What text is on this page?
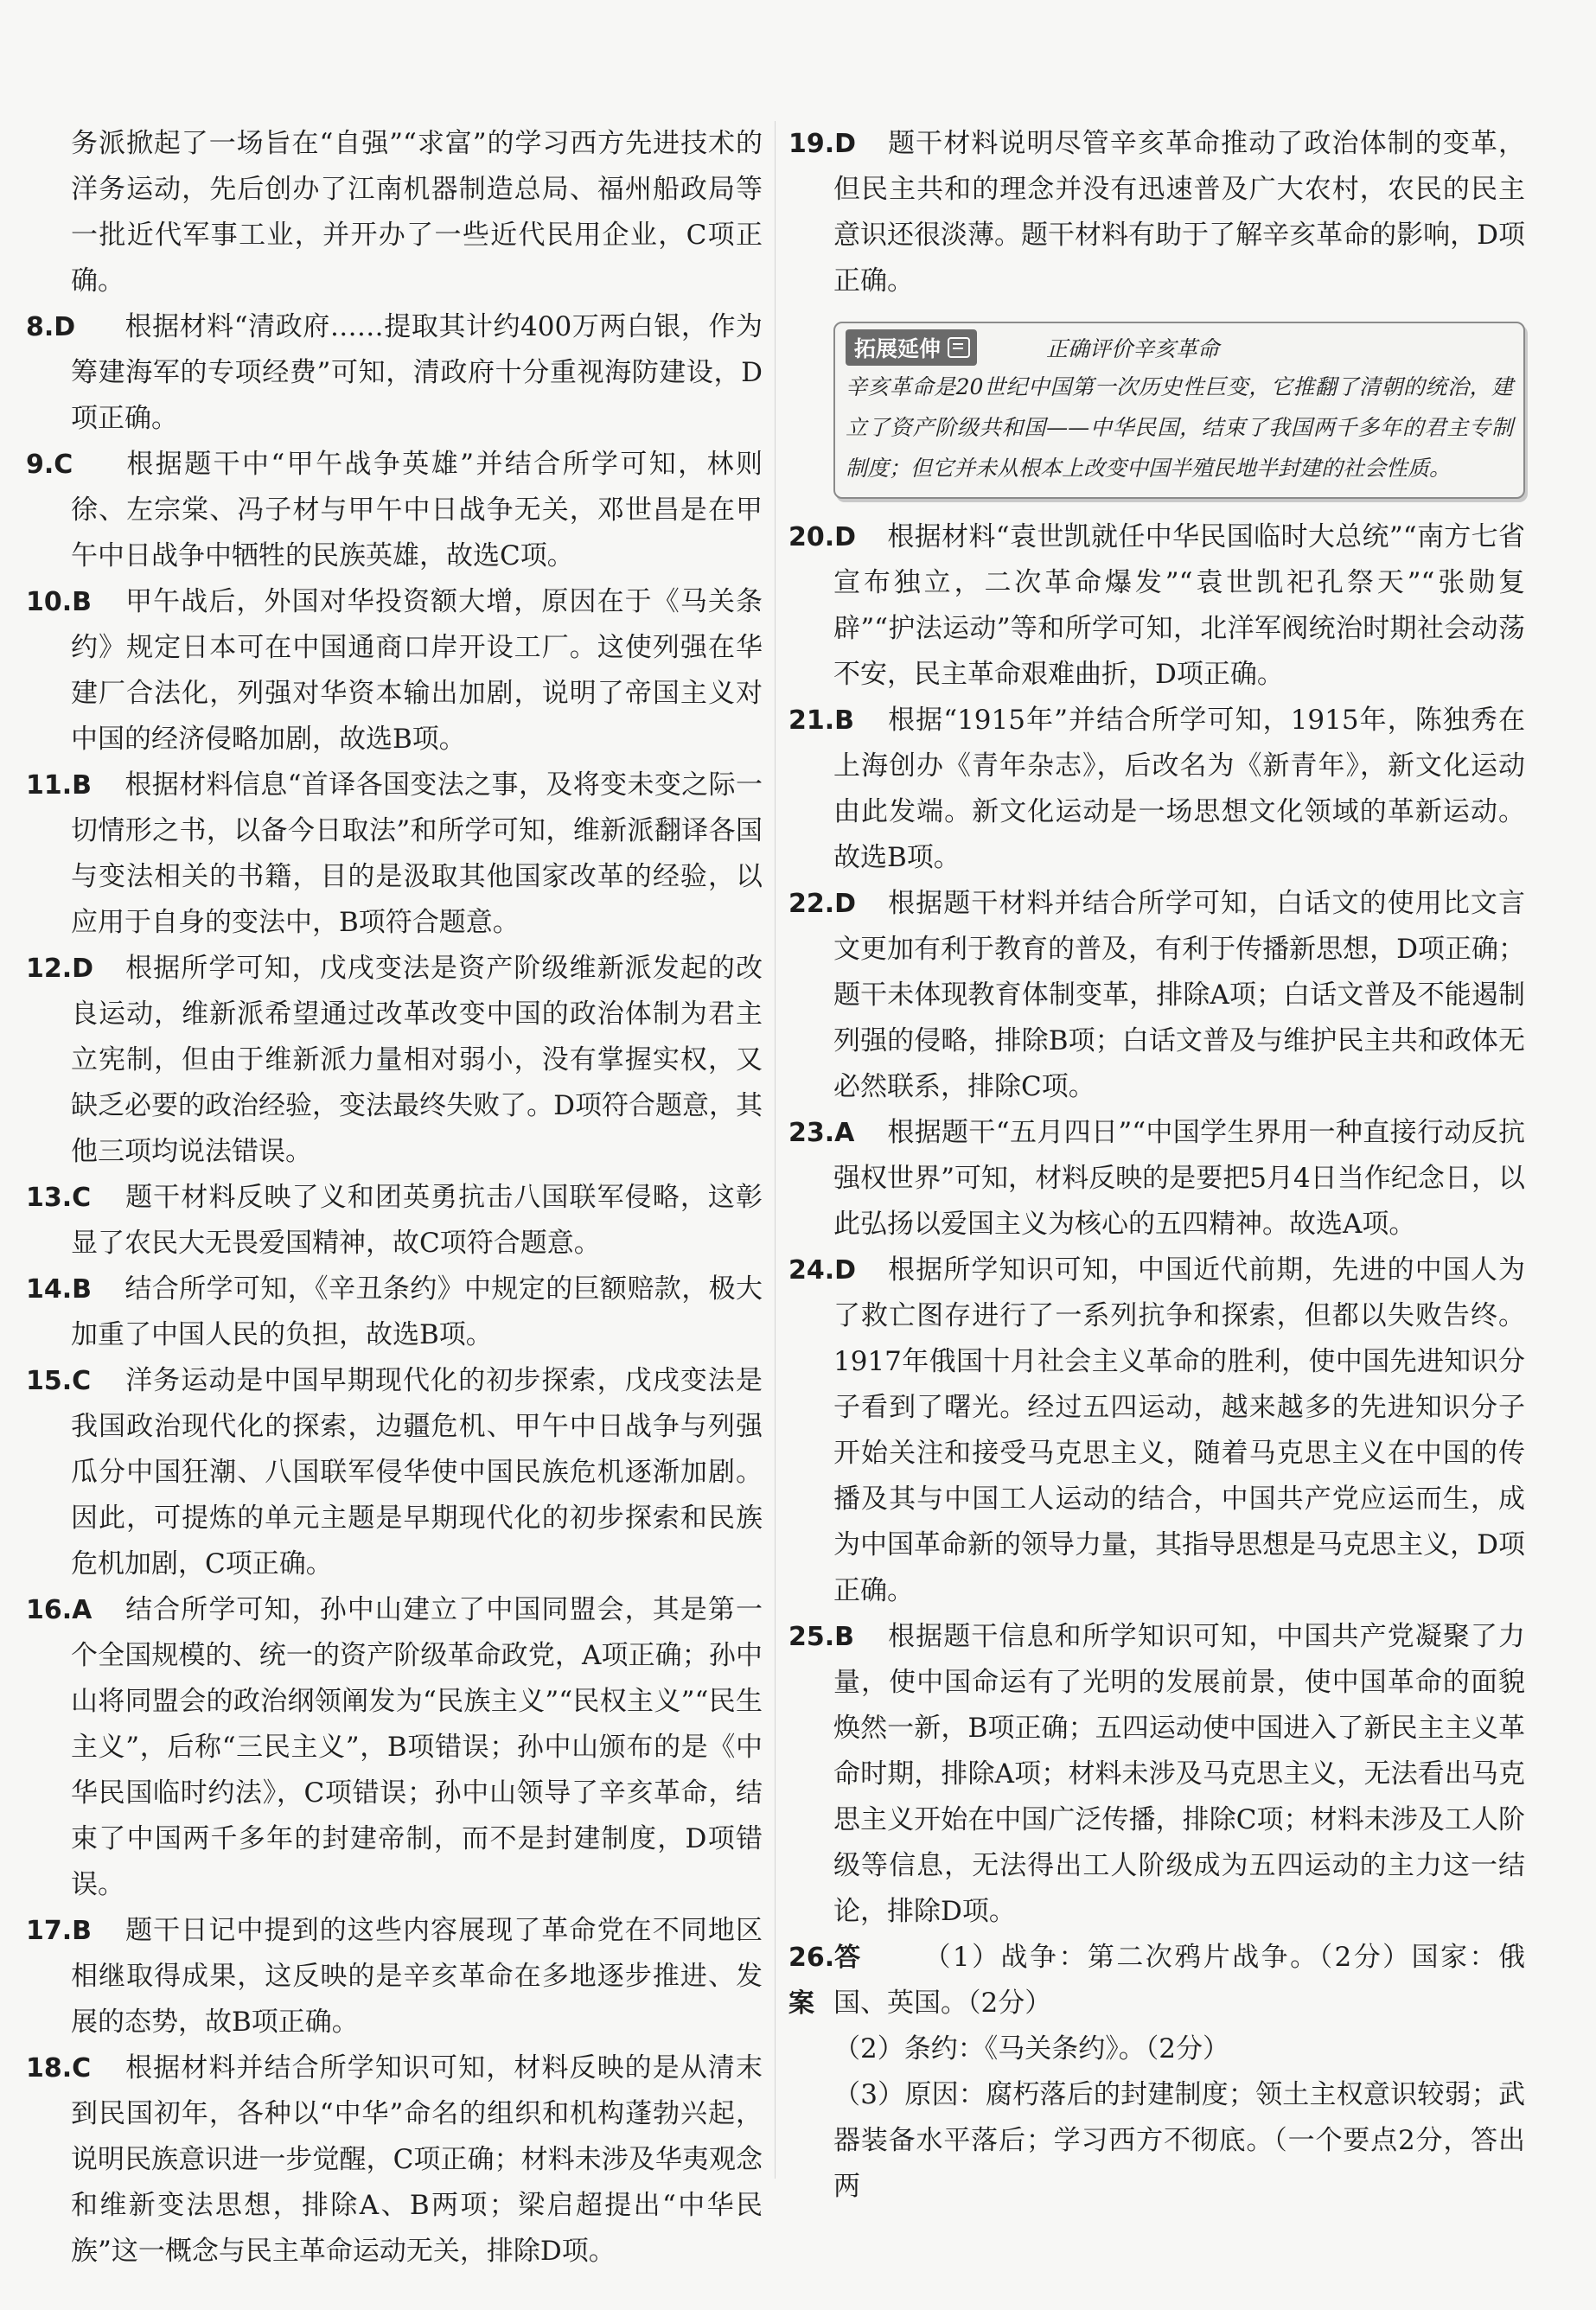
务派掀起了一场旨在“自强”“求富”的学习西方先进技术的洋务运动，先后创办了江南机器制造总局、福州船政局等一批近代军事工业，并开办了一些近代民用企业，C项正确。
8.D	根据材料“清政府……提取其计约400万两白银，作为筹建海军的专项经费”可知，清政府十分重视海防建设，D项正确。
9.C	根据题干中“甲午战争英雄”并结合所学可知，林则徐、左宗棠、冯子材与甲午中日战争无关，邓世昌是在甲午中日战争中牺牲的民族英雄，故选C项。
10.B	甲午战后，外国对华投资额大增，原因在于《马关条约》规定日本可在中国通商口岸开设工厂。这使列强在华建厂合法化，列强对华资本输出加剧，说明了帝国主义对中国的经济侵略加剧，故选B项。
11.B	根据材料信息“首译各国变法之事，及将变未变之际一切情形之书，以备今日取法”和所学可知，维新派翻译各国与变法相关的书籍，目的是汲取其他国家改革的经验，以应用于自身的变法中，B项符合题意。
12.D	根据所学可知，戊戌变法是资产阶级维新派发起的改良运动，维新派希望通过改革改变中国的政治体制为君主立宪制，但由于维新派力量相对弱小，没有掌握实权，又缺乏必要的政治经验，变法最终失败了。D项符合题意，其他三项均说法错误。
13.C	题干材料反映了义和团英勇抗击八国联军侵略，这彰显了农民大无畏爱国精神，故C项符合题意。
14.B	结合所学可知，《辛丑条约》中规定的巨额赔款，极大加重了中国人民的负担，故选B项。
15.C	洋务运动是中国早期现代化的初步探索，戊戌变法是我国政治现代化的探索，边疆危机、甲午中日战争与列强瓜分中国狂潮、八国联军侵华使中国民族危机逐渐加剧。因此，可提炼的单元主题是早期现代化的初步探索和民族危机加剧，C项正确。
16.A	结合所学可知，孙中山建立了中国同盟会，其是第一个全国规模的、统一的资产阶级革命政党，A项正确；孙中山将同盟会的政治纲领阐发为“民族主义”“民权主义”“民生主义”，后称“三民主义”，B项错误；孙中山颁布的是《中华民国临时约法》，C项错误；孙中山领导了辛亥革命，结束了中国两千多年的封建帝制，而不是封建制度，D项错误。
17.B	题干日记中提到的这些内容展现了革命党在不同地区相继取得成果，这反映的是辛亥革命在多地逐步推进、发展的态势，故B项正确。
18.C	根据材料并结合所学知识可知，材料反映的是从清末到民国初年，各种以“中华”命名的组织和机构蓬勃兴起，说明民族意识进一步觉醒，C项正确；材料未涉及华夷观念和维新变法思想，排除A、B两项；梁启超提出“中华民族”这一概念与民主革命运动无关，排除D项。
19.D	题干材料说明尽管辛亥革命推动了政治体制的变革，但民主共和的理念并没有迅速普及广大农村，农民的民主意识还很淡薄。题干材料有助于了解辛亥革命的影响，D项正确。
拓展延伸	正确评价辛亥革命
辛亥革命是20世纪中国第一次历史性巨变，它推翻了清朝的统治，建立了资产阶级共和国——中华民国，结束了我国两千多年的君主专制制度；但它并未从根本上改变中国半殖民地半封建的社会性质。
20.D	根据材料“袁世凯就任中华民国临时大总统”“南方七省宣布独立，二次革命爆发”“袁世凯祀孔祭天”“张勋复辟”“护法运动”等和所学可知，北洋军阀统治时期社会动荡不安，民主革命艰难曲折，D项正确。
21.B	根据“1915年”并结合所学可知，1915年，陈独秀在上海创办《青年杂志》，后改名为《新青年》，新文化运动由此发端。新文化运动是一场思想文化领域的革新运动。故选B项。
22.D	根据题干材料并结合所学可知，白话文的使用比文言文更加有利于教育的普及，有利于传播新思想，D项正确；题干未体现教育体制变革，排除A项；白话文普及不能遏制列强的侵略，排除B项；白话文普及与维护民主共和政体无必然联系，排除C项。
23.A	根据题干“五月四日”“中国学生界用一种直接行动反抗强权世界”可知，材料反映的是要把5月4日当作纪念日，以此弘扬以爱国主义为核心的五四精神。故选A项。
24.D	根据所学知识可知，中国近代前期，先进的中国人为了救亡图存进行了一系列抗争和探索，但都以失败告终。1917年俄国十月社会主义革命的胜利，使中国先进知识分子看到了曙光。经过五四运动，越来越多的先进知识分子开始关注和接受马克思主义，随着马克思主义在中国的传播及其与中国工人运动的结合，中国共产党应运而生，成为中国革命新的领导力量，其指导思想是马克思主义，D项正确。
25.B	根据题干信息和所学知识可知，中国共产党凝聚了力量，使中国命运有了光明的发展前景，使中国革命的面貌焕然一新，B项正确；五四运动使中国进入了新民主主义革命时期，排除A项；材料未涉及马克思主义，无法看出马克思主义开始在中国广泛传播，排除C项；材料未涉及工人阶级等信息，无法得出工人阶级成为五四运动的主力这一结论，排除D项。
26.答案
（1）战争：第二次鸦片战争。（2分）国家：俄国、英国。（2分）
（2）条约：《马关条约》。（2分）
（3）原因：腐朽落后的封建制度；领土主权意识较弱；武器装备水平落后；学习西方不彻底。（一个要点2分，答出两
